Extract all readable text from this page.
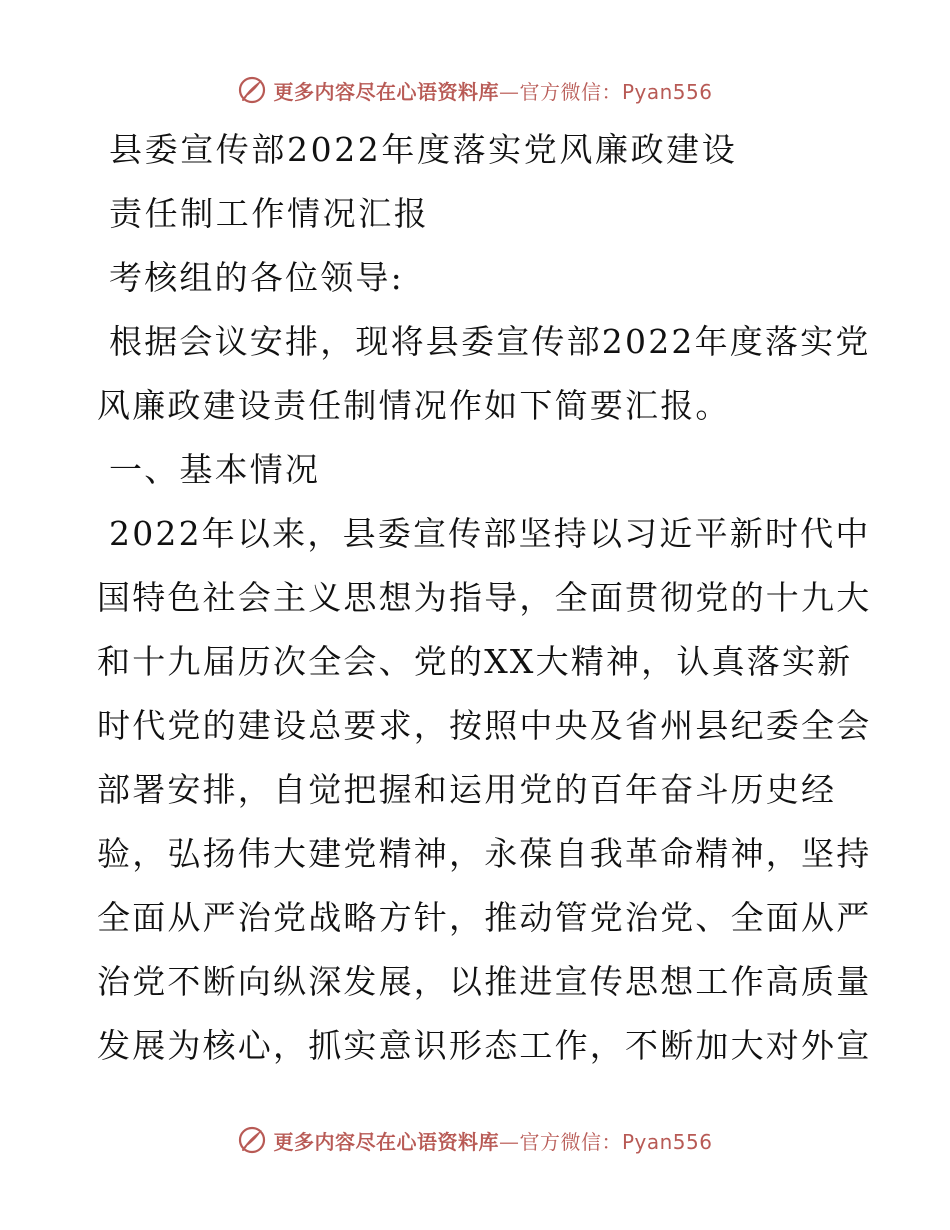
更多内容尽在心语资料库—官方微信：Pyan556
县委宣传部2022年度落实党风廉政建设
责任制工作情况汇报
考核组的各位领导:
根据会议安排，现将县委宣传部2022年度落实党
风廉政建设责任制情况作如下简要汇报。
一、基本情况
2022年以来，县委宣传部坚持以习近平新时代中
国特色社会主义思想为指导，全面贯彻党的十九大
和十九届历次全会、党的XX大精神，认真落实新
时代党的建设总要求，按照中央及省州县纪委全会
部署安排，自觉把握和运用党的百年奋斗历史经
验，弘扬伟大建党精神，永葆自我革命精神，坚持
全面从严治党战略方针，推动管党治党、全面从严
治党不断向纵深发展，以推进宣传思想工作高质量
发展为核心，抓实意识形态工作，不断加大对外宣
更多内容尽在心语资料库—官方微信：Pyan556
